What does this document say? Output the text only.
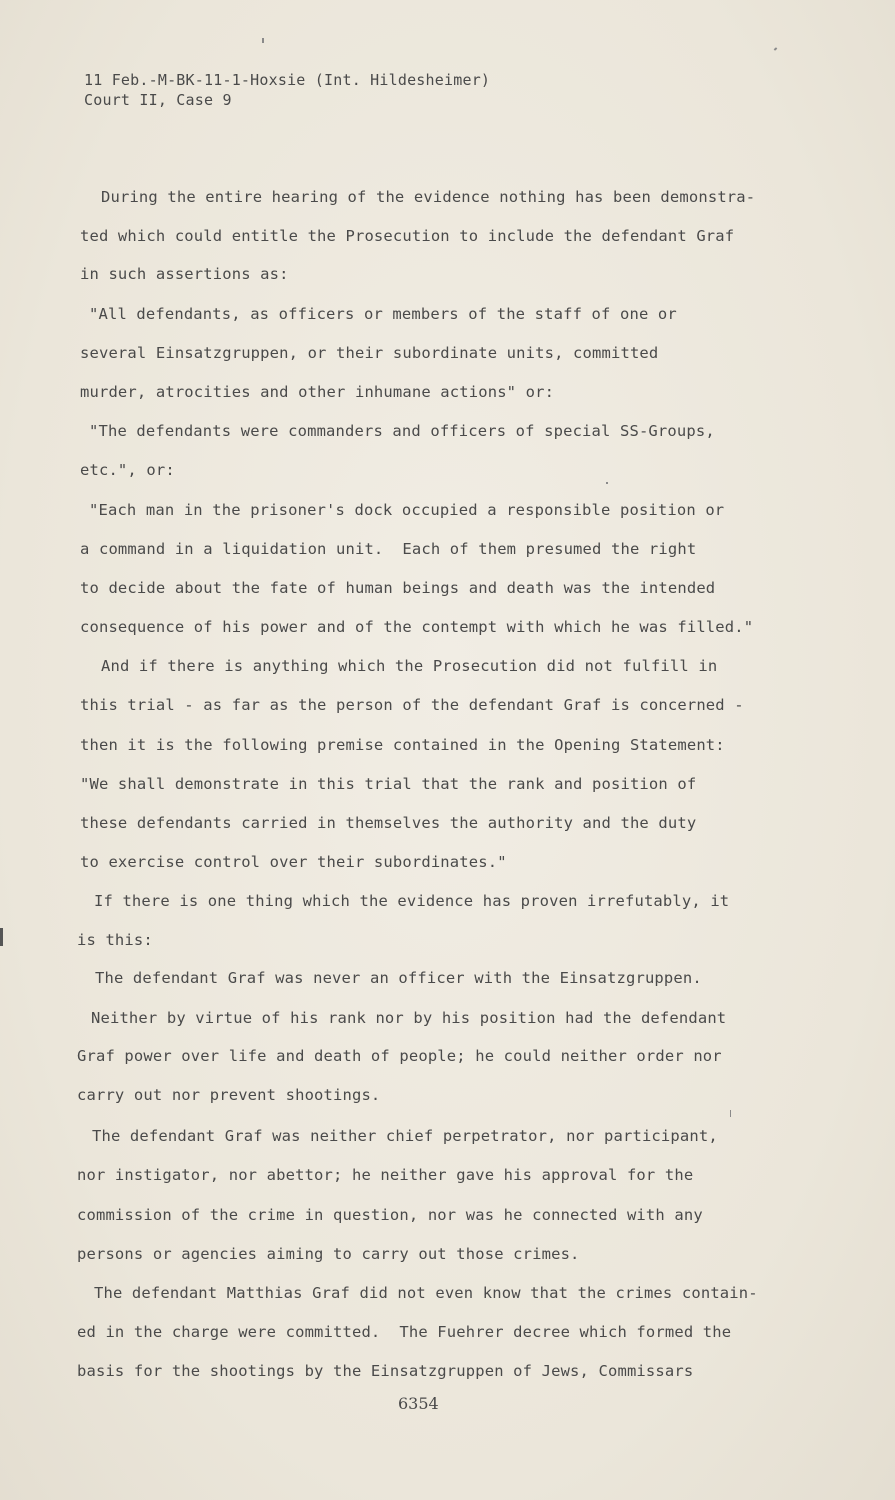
11 Feb.-M-BK-11-1-Hoxsie (Int. Hildesheimer)
Court II, Case 9
During the entire hearing of the evidence nothing has been demonstra-
ted which could entitle the Prosecution to include the defendant Graf
in such assertions as:
"All defendants, as officers or members of the staff of one or
several Einsatzgruppen, or their subordinate units, committed
murder, atrocities and other inhumane actions" or:
"The defendants were commanders and officers of special SS-Groups,
etc.", or:
"Each man in the prisoner's dock occupied a responsible position or
a command in a liquidation unit.  Each of them presumed the right
to decide about the fate of human beings and death was the intended
consequence of his power and of the contempt with which he was filled."
And if there is anything which the Prosecution did not fulfill in
this trial - as far as the person of the defendant Graf is concerned -
then it is the following premise contained in the Opening Statement:
"We shall demonstrate in this trial that the rank and position of
these defendants carried in themselves the authority and the duty
to exercise control over their subordinates."
If there is one thing which the evidence has proven irrefutably, it
is this:
The defendant Graf was never an officer with the Einsatzgruppen.
Neither by virtue of his rank nor by his position had the defendant
Graf power over life and death of people; he could neither order nor
carry out nor prevent shootings.
The defendant Graf was neither chief perpetrator, nor participant,
nor instigator, nor abettor; he neither gave his approval for the
commission of the crime in question, nor was he connected with any
persons or agencies aiming to carry out those crimes.
The defendant Matthias Graf did not even know that the crimes contain-
ed in the charge were committed.  The Fuehrer decree which formed the
basis for the shootings by the Einsatzgruppen of Jews, Commissars
6354
